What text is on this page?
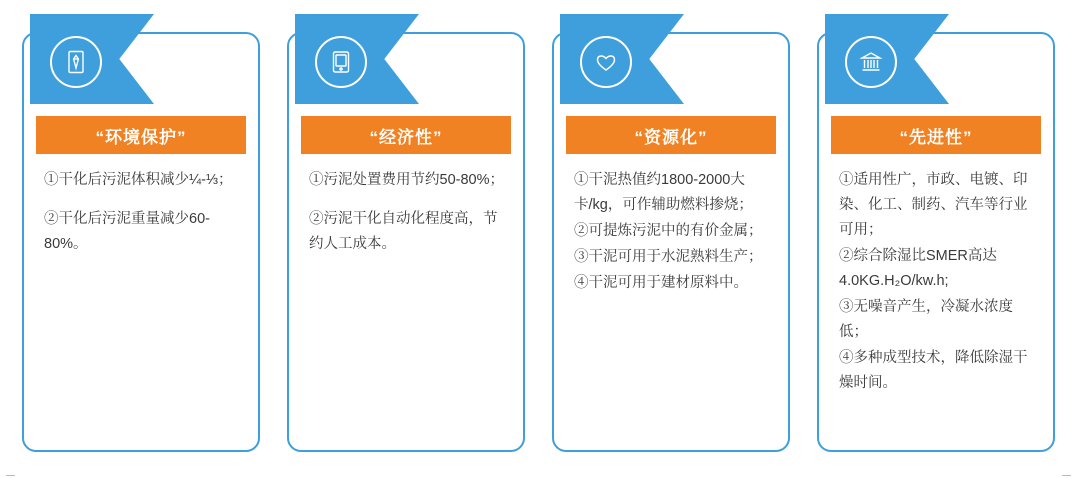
“环境保护”

①干化后污泥体积减少¼-⅓；

②干化后污泥重量减少60-80%。

“经济性”

①污泥处置费用节约50-80%；

②污泥干化自动化程度高，节约人工成本。

“资源化”

①干泥热值约1800-2000大卡/kg，可作辅助燃料掺烧；

②可提炼污泥中的有价金属；

③干泥可用于水泥熟料生产；

④干泥可用于建材原料中。

“先进性”

①适用性广，市政、电镀、印染、化工、制药、汽车等行业可用；

②综合除湿比SMER高达4.0KG.H₂O/kw.h;

③无噪音产生，冷凝水浓度低；

④多种成型技术，降低除湿干燥时间。
